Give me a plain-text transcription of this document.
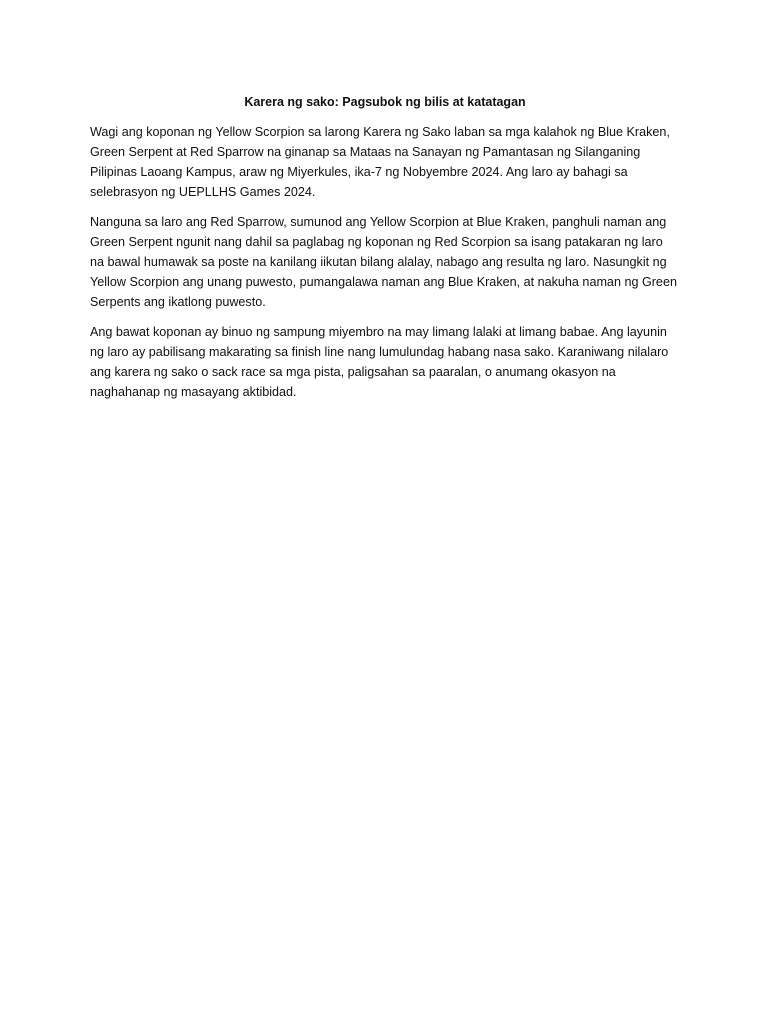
Karera ng sako: Pagsubok ng bilis at katatagan

Wagi ang koponan ng Yellow Scorpion sa larong Karera ng Sako laban sa mga kalahok ng Blue Kraken, Green Serpent at Red Sparrow na ginanap sa Mataas na Sanayan ng Pamantasan ng Silanganing Pilipinas Laoang Kampus, araw ng Miyerkules, ika-7 ng Nobyembre 2024. Ang laro ay bahagi sa selebrasyon ng UEPLLHS Games 2024.

Nanguna sa laro ang Red Sparrow, sumunod ang Yellow Scorpion at Blue Kraken, panghuli naman ang Green Serpent ngunit nang dahil sa paglabag ng koponan ng Red Scorpion sa isang patakaran ng laro na bawal humawak sa poste na kanilang iikutan bilang alalay, nabago ang resulta ng laro. Nasungkit ng Yellow Scorpion ang unang puwesto, pumangalawa naman ang Blue Kraken, at nakuha naman ng Green Serpents ang ikatlong puwesto.

Ang bawat koponan ay binuo ng sampung miyembro na may limang lalaki at limang babae. Ang layunin ng laro ay pabilisang makarating sa finish line nang lumulundag habang nasa sako. Karaniwang nilalaro ang karera ng sako o sack race sa mga pista, paligsahan sa paaralan, o anumang okasyon na naghahanap ng masayang aktibidad.
